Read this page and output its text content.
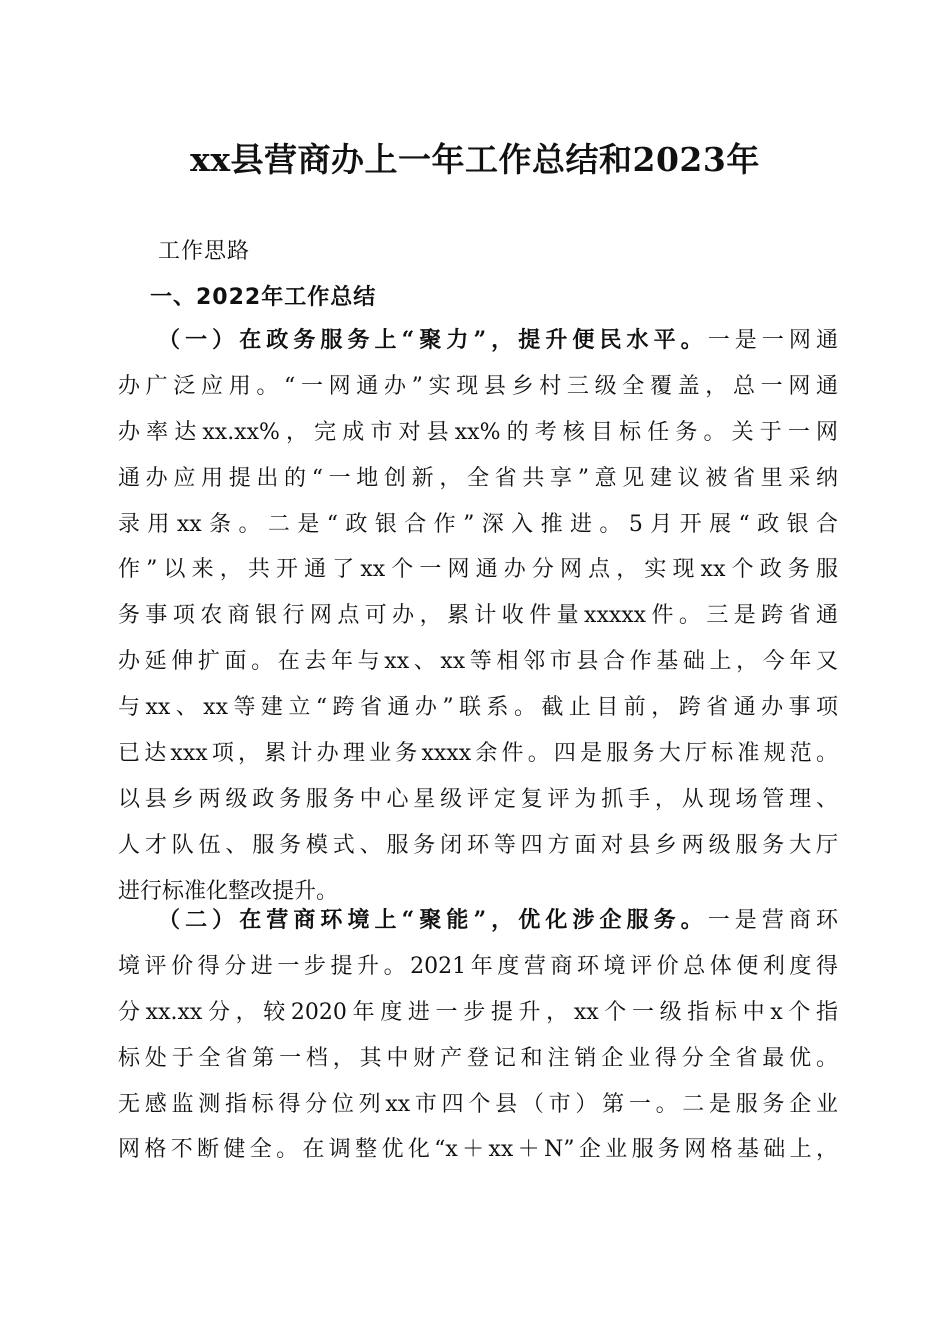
xx县营商办上一年工作总结和2023年
工作思路
一、2022年工作总结
（一）在政务服务上“聚力”，提升便民水平。一是一网通
办广泛应用。“一网通办”实现县乡村三级全覆盖，总一网通
办率达xx.xx%，完成市对县xx%的考核目标任务。关于一网
通办应用提出的“一地创新，全省共享”意见建议被省里采纳
录用xx条。二是“政银合作”深入推进。5月开展“政银合
作”以来，共开通了xx个一网通办分网点，实现xx个政务服
务事项农商银行网点可办，累计收件量xxxxx件。三是跨省通
办延伸扩面。在去年与xx、xx等相邻市县合作基础上，今年又
与xx、xx等建立“跨省通办”联系。截止目前，跨省通办事项
已达xxx项，累计办理业务xxxx余件。四是服务大厅标准规范。
以县乡两级政务服务中心星级评定复评为抓手，从现场管理、
人才队伍、服务模式、服务闭环等四方面对县乡两级服务大厅
进行标准化整改提升。
（二）在营商环境上“聚能”，优化涉企服务。一是营商环
境评价得分进一步提升。2021年度营商环境评价总体便利度得
分xx.xx分，较2020年度进一步提升，xx个一级指标中x个指
标处于全省第一档，其中财产登记和注销企业得分全省最优。
无感监测指标得分位列xx市四个县（市）第一。二是服务企业
网格不断健全。在调整优化“x＋xx＋N”企业服务网格基础上，
